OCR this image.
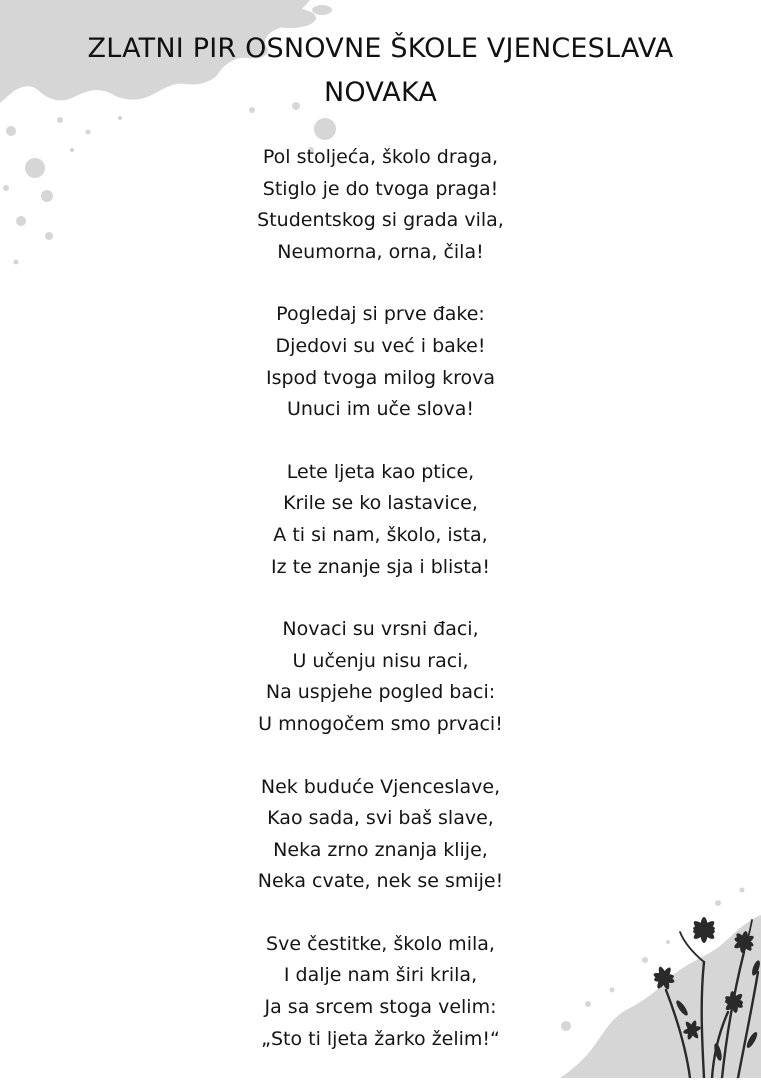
ZLATNI PIR OSNOVNE ŠKOLE VJENCESLAVA
NOVAKA
Pol stoljeća, školo draga,
Stiglo je do tvoga praga!
Studentskog si grada vila,
Neumorna, orna, čila!
Pogledaj si prve đake:
Djedovi su već i bake!
Ispod tvoga milog krova
Unuci im uče slova!
Lete ljeta kao ptice,
Krile se ko lastavice,
A ti si nam, školo, ista,
Iz te znanje sja i blista!
Novaci su vrsni đaci,
U učenju nisu raci,
Na uspjehe pogled baci:
U mnogočem smo prvaci!
Nek buduće Vjenceslave,
Kao sada, svi baš slave,
Neka zrno znanja klije,
Neka cvate, nek se smije!
Sve čestitke, školo mila,
I dalje nam širi krila,
Ja sa srcem stoga velim:
„Sto ti ljeta žarko želim!“
